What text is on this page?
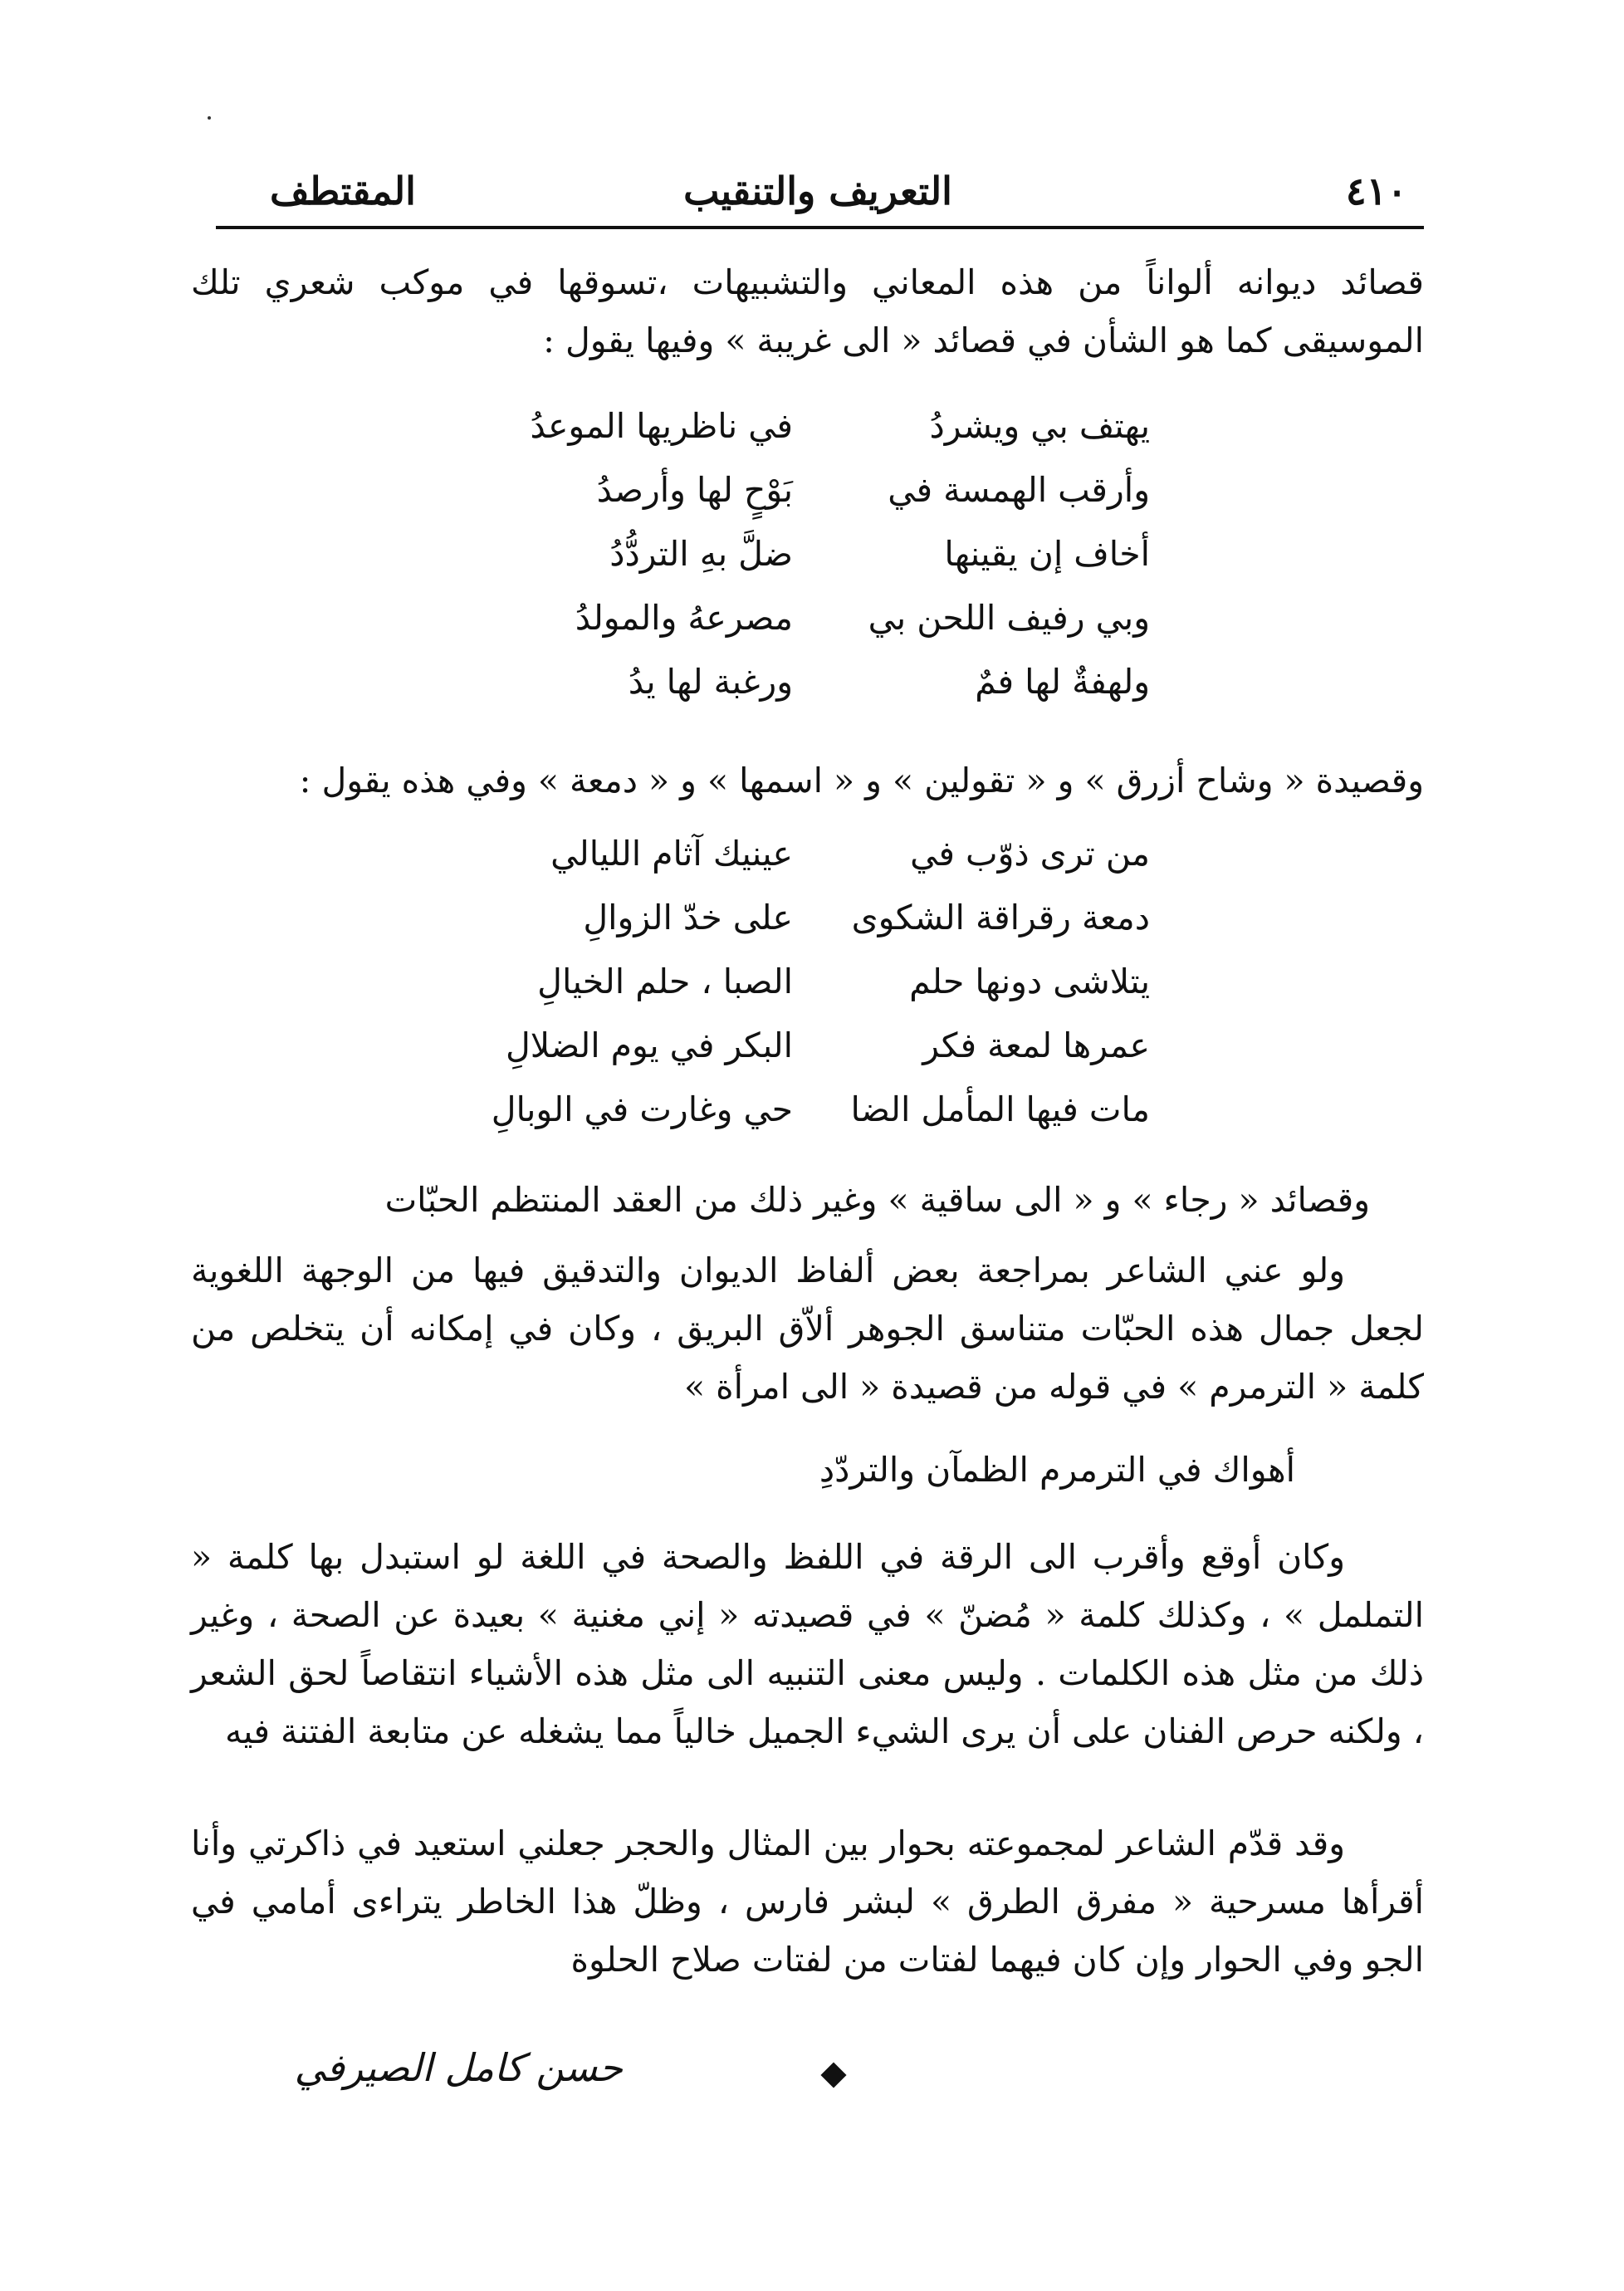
٤١٠
التعريف والتنقيب
المقتطف

قصائد ديوانه ألواناً من هذه المعاني والتشبيهات ،تسوقها في موكب شعري تلك الموسيقى كما هو الشأن في قصائد « الى غريبة » وفيها يقول :

يهتف بي ويشردُ
في ناظريها الموعدُ
وأرقب الهمسة في
بَوْحٍ لها وأرصدُ
أخاف إن يقينها
ضلَّ بهِ التردُّدُ
وبي رفيف اللحن بي
مصرعهُ والمولدُ
ولهفةٌ لها فمٌ
ورغبة لها يدُ

وقصيدة « وشاح أزرق » و « تقولين » و « اسمها » و « دمعة » وفي هذه يقول :

من ترى ذوّب في
عينيك آثام الليالي
دمعة رقراقة الشكوى
على خدّ الزوالِ
يتلاشى دونها حلم
الصبا ، حلم الخيالِ
عمرها لمعة فكر
البكر في يوم الضلالِ
مات فيها المأمل الضا
حي وغارت في الوبالِ

وقصائد « رجاء » و « الى ساقية » وغير ذلك من العقد المنتظم الحبّات

ولو عني الشاعر بمراجعة بعض ألفاظ الديوان والتدقيق فيها من الوجهة اللغوية لجعل جمال هذه الحبّات متناسق الجوهر ألاّق البريق ، وكان في إمكانه أن يتخلص من كلمة « الترمرم » في قوله من قصيدة « الى امرأة »

أهواك في الترمرم الظمآن والتردّدِ

وكان أوقع وأقرب الى الرقة في اللفظ والصحة في اللغة لو استبدل بها كلمة « التململ » ، وكذلك كلمة « مُضنّ » في قصيدته « إني مغنية » بعيدة عن الصحة ، وغير ذلك من مثل هذه الكلمات . وليس معنى التنبيه الى مثل هذه الأشياء انتقاصاً لحق الشعر ، ولكنه حرص الفنان على أن يرى الشيء الجميل خالياً مما يشغله عن متابعة الفتنة فيه

وقد قدّم الشاعر لمجموعته بحوار بين المثال والحجر جعلني استعيد في ذاكرتي وأنا أقرأها مسرحية « مفرق الطرق » لبشر فارس ، وظلّ هذا الخاطر يتراءى أمامي في الجو وفي الحوار وإن كان فيهما لفتات من لفتات صلاح الحلوة

حسن كامل الصيرفي
